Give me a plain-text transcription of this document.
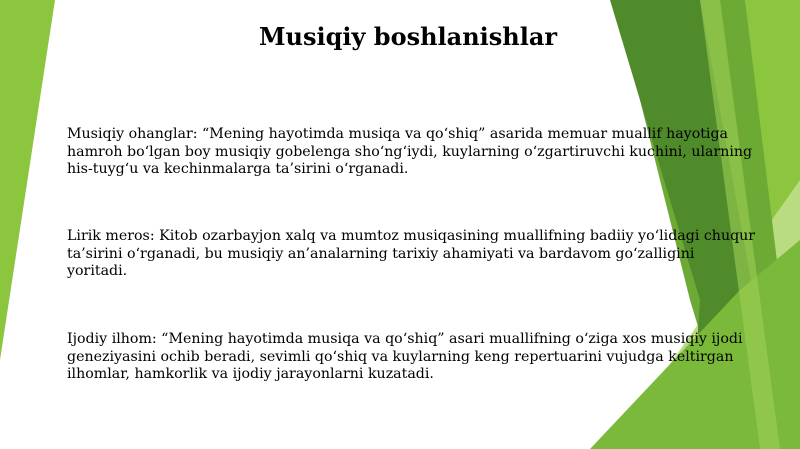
Musiqiy boshlanishlar
Musiqiy ohanglar: “Mening hayotimda musiqa va qo‘shiq” asarida memuar muallif hayotiga hamroh bo‘lgan boy musiqiy gobelenga sho‘ng‘iydi, kuylarning o‘zgartiruvchi kuchini, ularning his-tuyg‘u va kechinmalarga ta’sirini o‘rganadi.
Lirik meros: Kitob ozarbayjon xalq va mumtoz musiqasining muallifning badiiy yo‘lidagi chuqur ta’sirini o‘rganadi, bu musiqiy an’analarning tarixiy ahamiyati va bardavom go‘zalligini yoritadi.
Ijodiy ilhom: “Mening hayotimda musiqa va qo‘shiq” asari muallifning o‘ziga xos musiqiy ijodi geneziyasini ochib beradi, sevimli qo‘shiq va kuylarning keng repertuarini vujudga keltirgan ilhomlar, hamkorlik va ijodiy jarayonlarni kuzatadi.
